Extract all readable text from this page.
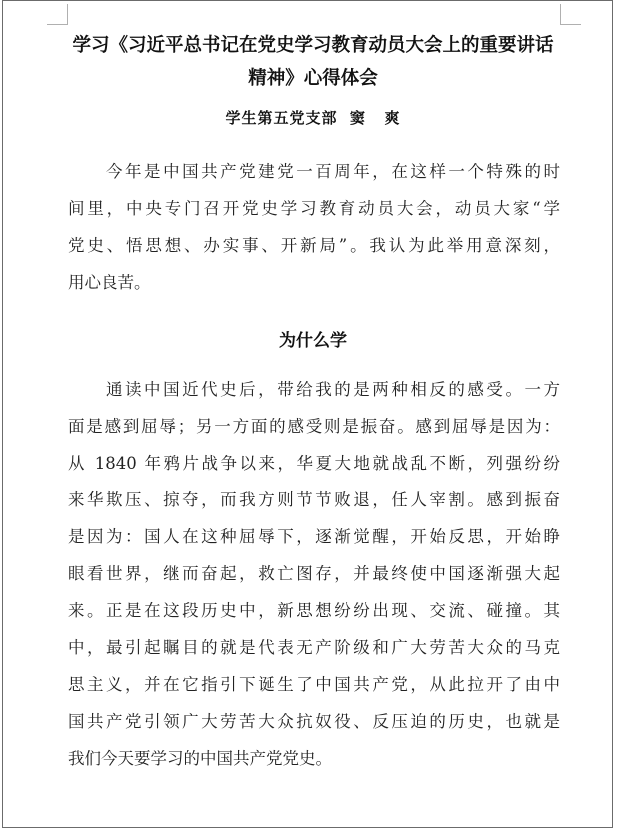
学习《习近平总书记在党史学习教育动员大会上的重要讲话
精神》心得体会
学生第五党支部  窦   爽
今年是中国共产党建党一百周年，在这样一个特殊的时
间里，中央专门召开党史学习教育动员大会，动员大家“学
党史、悟思想、办实事、开新局”。我认为此举用意深刻，
用心良苦。
为什么学
通读中国近代史后，带给我的是两种相反的感受。一方
面是感到屈辱；另一方面的感受则是振奋。感到屈辱是因为：
从 1840 年鸦片战争以来，华夏大地就战乱不断，列强纷纷
来华欺压、掠夺，而我方则节节败退，任人宰割。感到振奋
是因为：国人在这种屈辱下，逐渐觉醒，开始反思，开始睁
眼看世界，继而奋起，救亡图存，并最终使中国逐渐强大起
来。正是在这段历史中，新思想纷纷出现、交流、碰撞。其
中，最引起瞩目的就是代表无产阶级和广大劳苦大众的马克
思主义，并在它指引下诞生了中国共产党，从此拉开了由中
国共产党引领广大劳苦大众抗奴役、反压迫的历史，也就是
我们今天要学习的中国共产党党史。
